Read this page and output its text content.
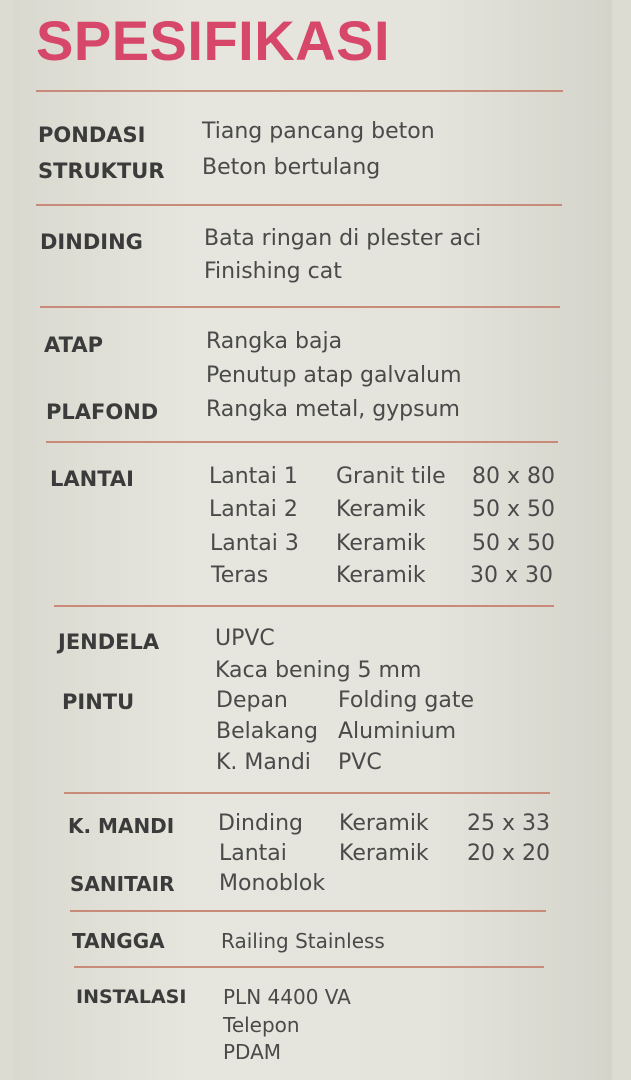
SPESIFIKASI
PONDASI	Tiang pancang beton
STRUKTUR Beton bertulang
DINDING	Bata ringan di plester aci
Finishing cat
ATAP	Rangka baja
Penutup atap galvalum
PLAFOND Rangka metal, gypsum
LANTAI	Lantai 1 Granit tile 80 x 80
Lantai 2 Keramik 50 x 50
Lantai 3 Keramik 50 x 50
Teras	Keramik 30 x 30
JENDELA	UPVC
Kaca bening 5 mm
PINTU	Depan Folding gate
Belakang Aluminium
K. Mandi PVC
K. MANDI Dinding Keramik 25 x 33
Lantai Keramik 20 x 20
SANITAIR Monoblok
TANGGA	Railing Stainless
INSTALASI PLN 4400 VA
Telepon
PDAM
